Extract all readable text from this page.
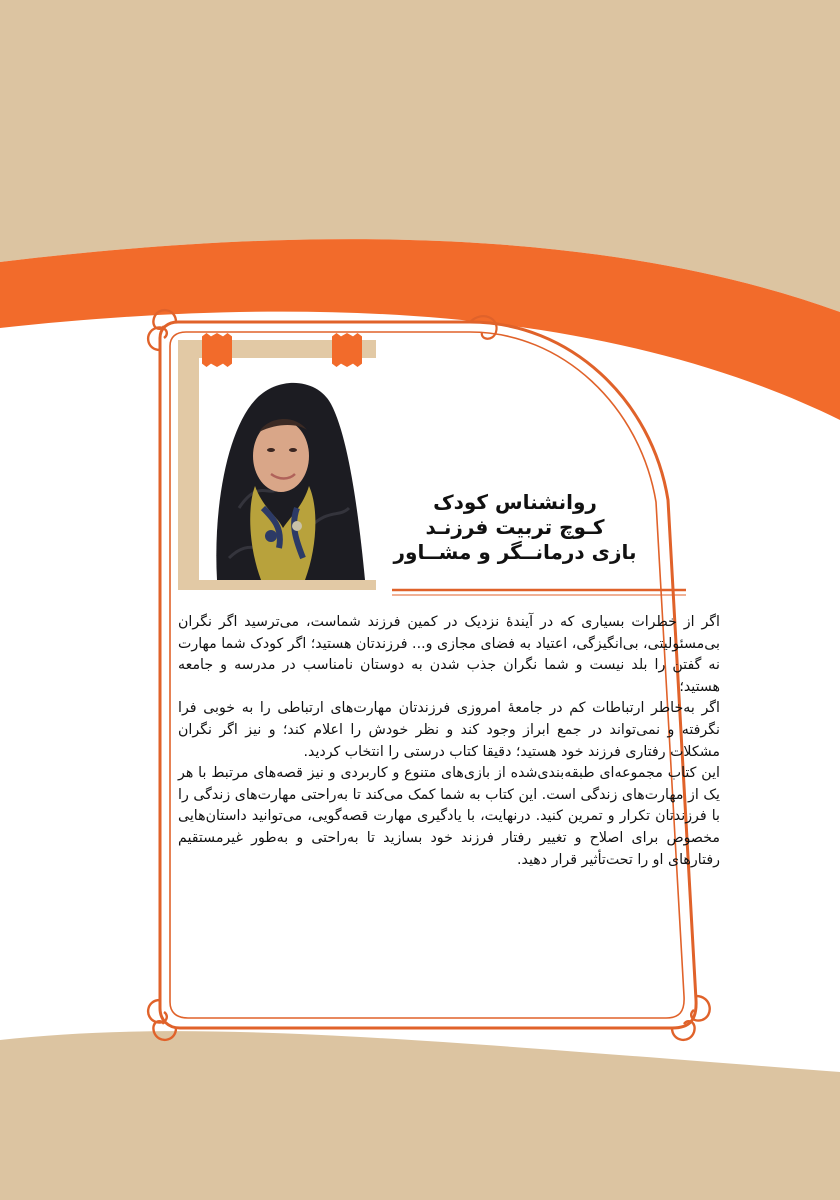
روانشناس کودک
کـوچ تربیت فرزنـد
بازی درمانــگر و مشــاور

اگر از خطرات بسیاری که در آیندهٔ نزدیک در کمین فرزند شماست، می‌ترسید اگر نگران بی‌مسئولیتی، بی‌انگیزگی، اعتیاد به فضای مجازی و... فرزندتان هستید؛ اگر کودک شما مهارت نه گفتن را بلد نیست و شما نگران جذب شدن به دوستان نامناسب در مدرسه و جامعه هستید؛

اگر به‌خاطر ارتباطات کم در جامعهٔ امروزی فرزندتان مهارت‌های ارتباطی را به خوبی فرا نگرفته و نمی‌تواند در جمع ابراز وجود کند و نظر خودش را اعلام کند؛ و نیز اگر نگران مشکلات رفتاری فرزند خود هستید؛ دقیقا کتاب درستی را انتخاب کردید.

این کتاب مجموعه‌ای طبقه‌بندی‌شده از بازی‌های متنوع و کاربردی و نیز قصه‌های مرتبط با هر یک از مهارت‌های زندگی است. این کتاب به شما کمک می‌کند تا به‌راحتی مهارت‌های زندگی را با فرزندتان تکرار و تمرین کنید. درنهایت، با یادگیری مهارت قصه‌گویی، می‌توانید داستان‌هایی مخصوص برای اصلاح و تغییر رفتار فرزند خود بسازید تا به‌راحتی و به‌طور غیرمستقیم رفتارهای او را تحت‌تأثیر قرار دهید.
